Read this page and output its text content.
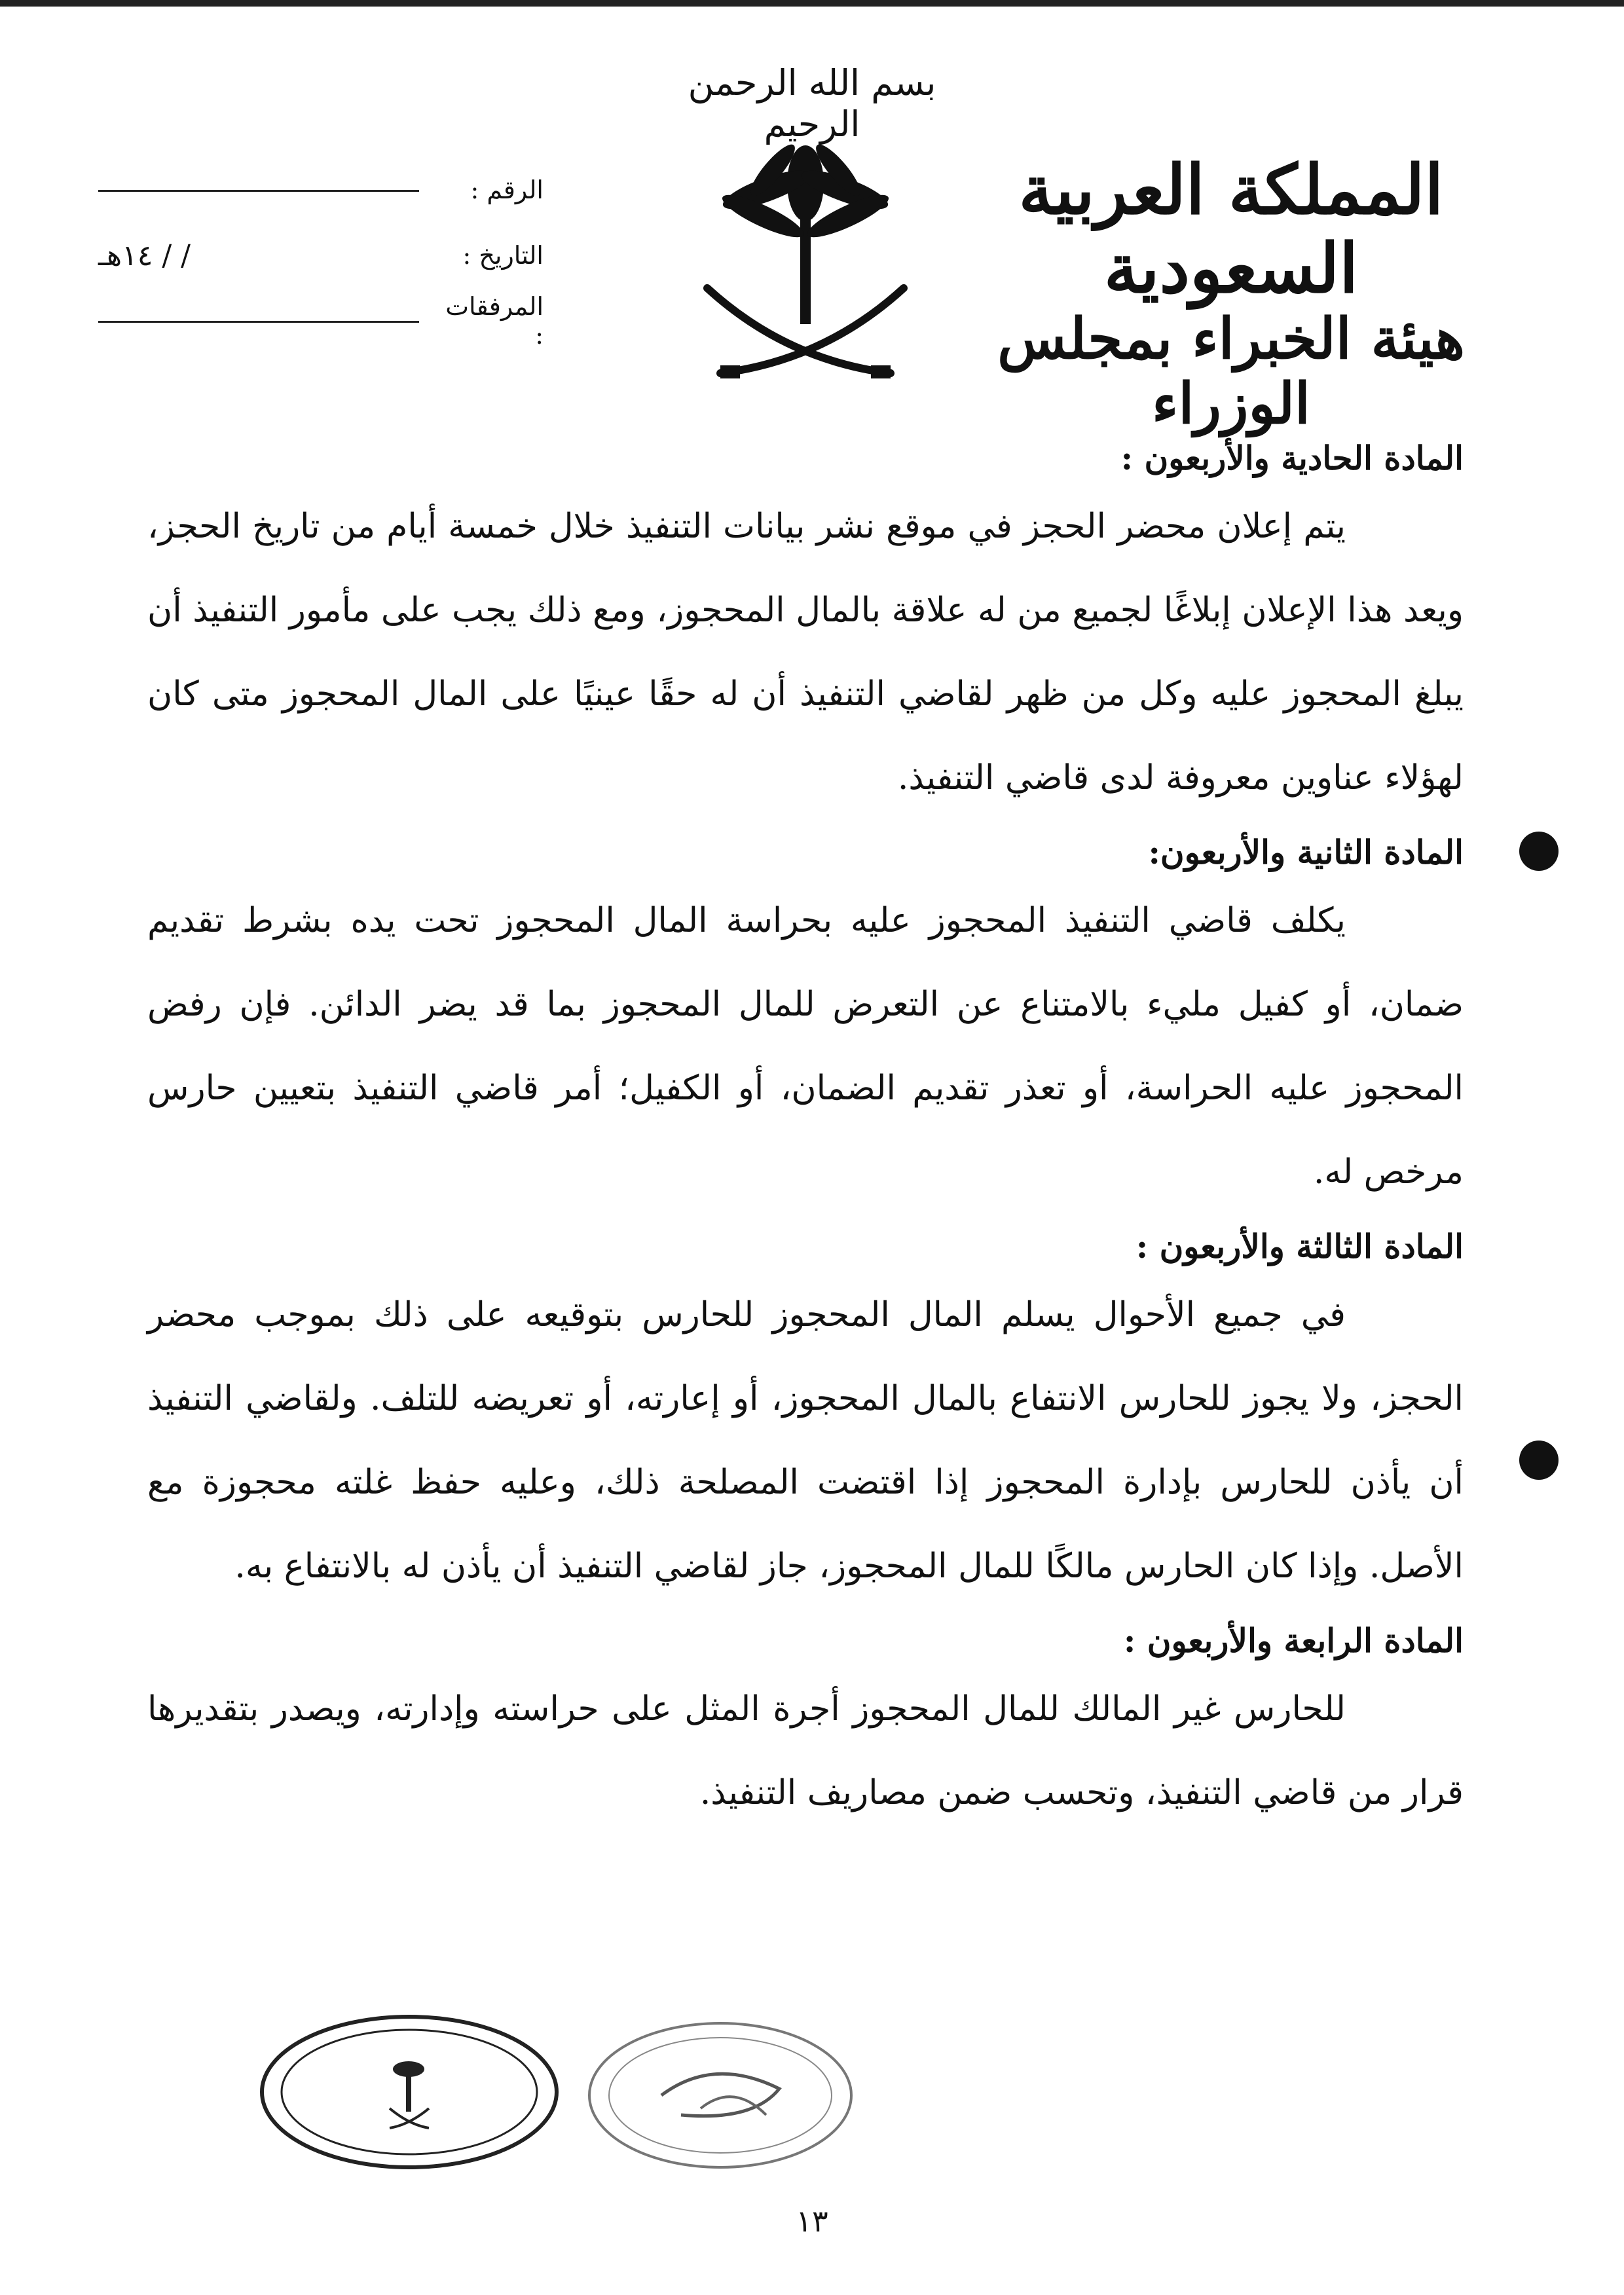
بسم الله الرحمن الرحيم
المملكة العربية السعودية
هيئة الخبراء بمجلس الوزراء
الرقم :
التاريخ :
/ / ١٤هـ
المرفقات :

المادة الحادية والأربعون :

يتم إعلان محضر الحجز في موقع نشر بيانات التنفيذ خلال خمسة أيام من تاريخ الحجز، ويعد هذا الإعلان إبلاغًا لجميع من له علاقة بالمال المحجوز، ومع ذلك يجب على مأمور التنفيذ أن يبلغ المحجوز عليه وكل من ظهر لقاضي التنفيذ أن له حقًا عينيًا على المال المحجوز متى كان لهؤلاء عناوين معروفة لدى قاضي التنفيذ.

المادة الثانية والأربعون:

يكلف قاضي التنفيذ المحجوز عليه بحراسة المال المحجوز تحت يده بشرط تقديم ضمان، أو كفيل مليء بالامتناع عن التعرض للمال المحجوز بما قد يضر الدائن. فإن رفض المحجوز عليه الحراسة، أو تعذر تقديم الضمان، أو الكفيل؛ أمر قاضي التنفيذ بتعيين حارس مرخص له.

المادة الثالثة والأربعون :

في جميع الأحوال يسلم المال المحجوز للحارس بتوقيعه على ذلك بموجب محضر الحجز، ولا يجوز للحارس الانتفاع بالمال المحجوز، أو إعارته، أو تعريضه للتلف. ولقاضي التنفيذ أن يأذن للحارس بإدارة المحجوز إذا اقتضت المصلحة ذلك، وعليه حفظ غلته محجوزة مع الأصل. وإذا كان الحارس مالكًا للمال المحجوز، جاز لقاضي التنفيذ أن يأذن له بالانتفاع به.

المادة الرابعة والأربعون :

للحارس غير المالك للمال المحجوز أجرة المثل على حراسته وإدارته، ويصدر بتقديرها قرار من قاضي التنفيذ، وتحسب ضمن مصاريف التنفيذ.

١٣
